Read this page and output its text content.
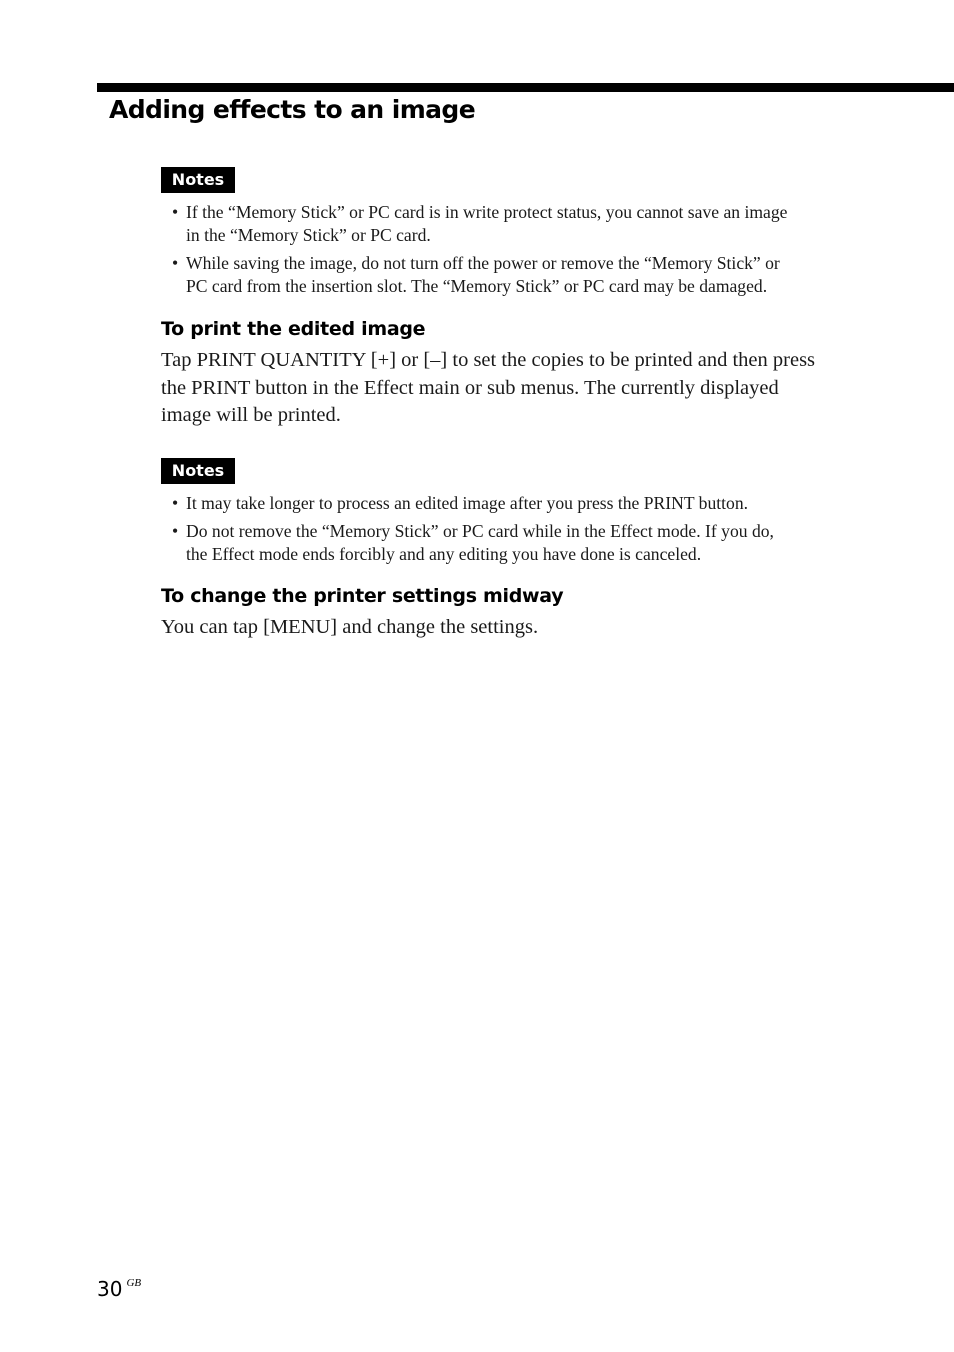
Adding effects to an image
Notes
• If the “Memory Stick” or PC card is in write protect status, you cannot save an image
in the “Memory Stick” or PC card.
• While saving the image, do not turn off the power or remove the “Memory Stick” or
PC card from the insertion slot. The “Memory Stick” or PC card may be damaged.
To print the edited image

Tap PRINT QUANTITY [+] or [–] to set the copies to be printed and then press
the PRINT button in the Effect main or sub menus. The currently displayed
image will be printed.

Notes
• It may take longer to process an edited image after you press the PRINT button.
• Do not remove the “Memory Stick” or PC card while in the Effect mode. If you do,
the Effect mode ends forcibly and any editing you have done is canceled.
To change the printer settings midway

You can tap [MENU] and change the settings.

30 $^{GB}$
